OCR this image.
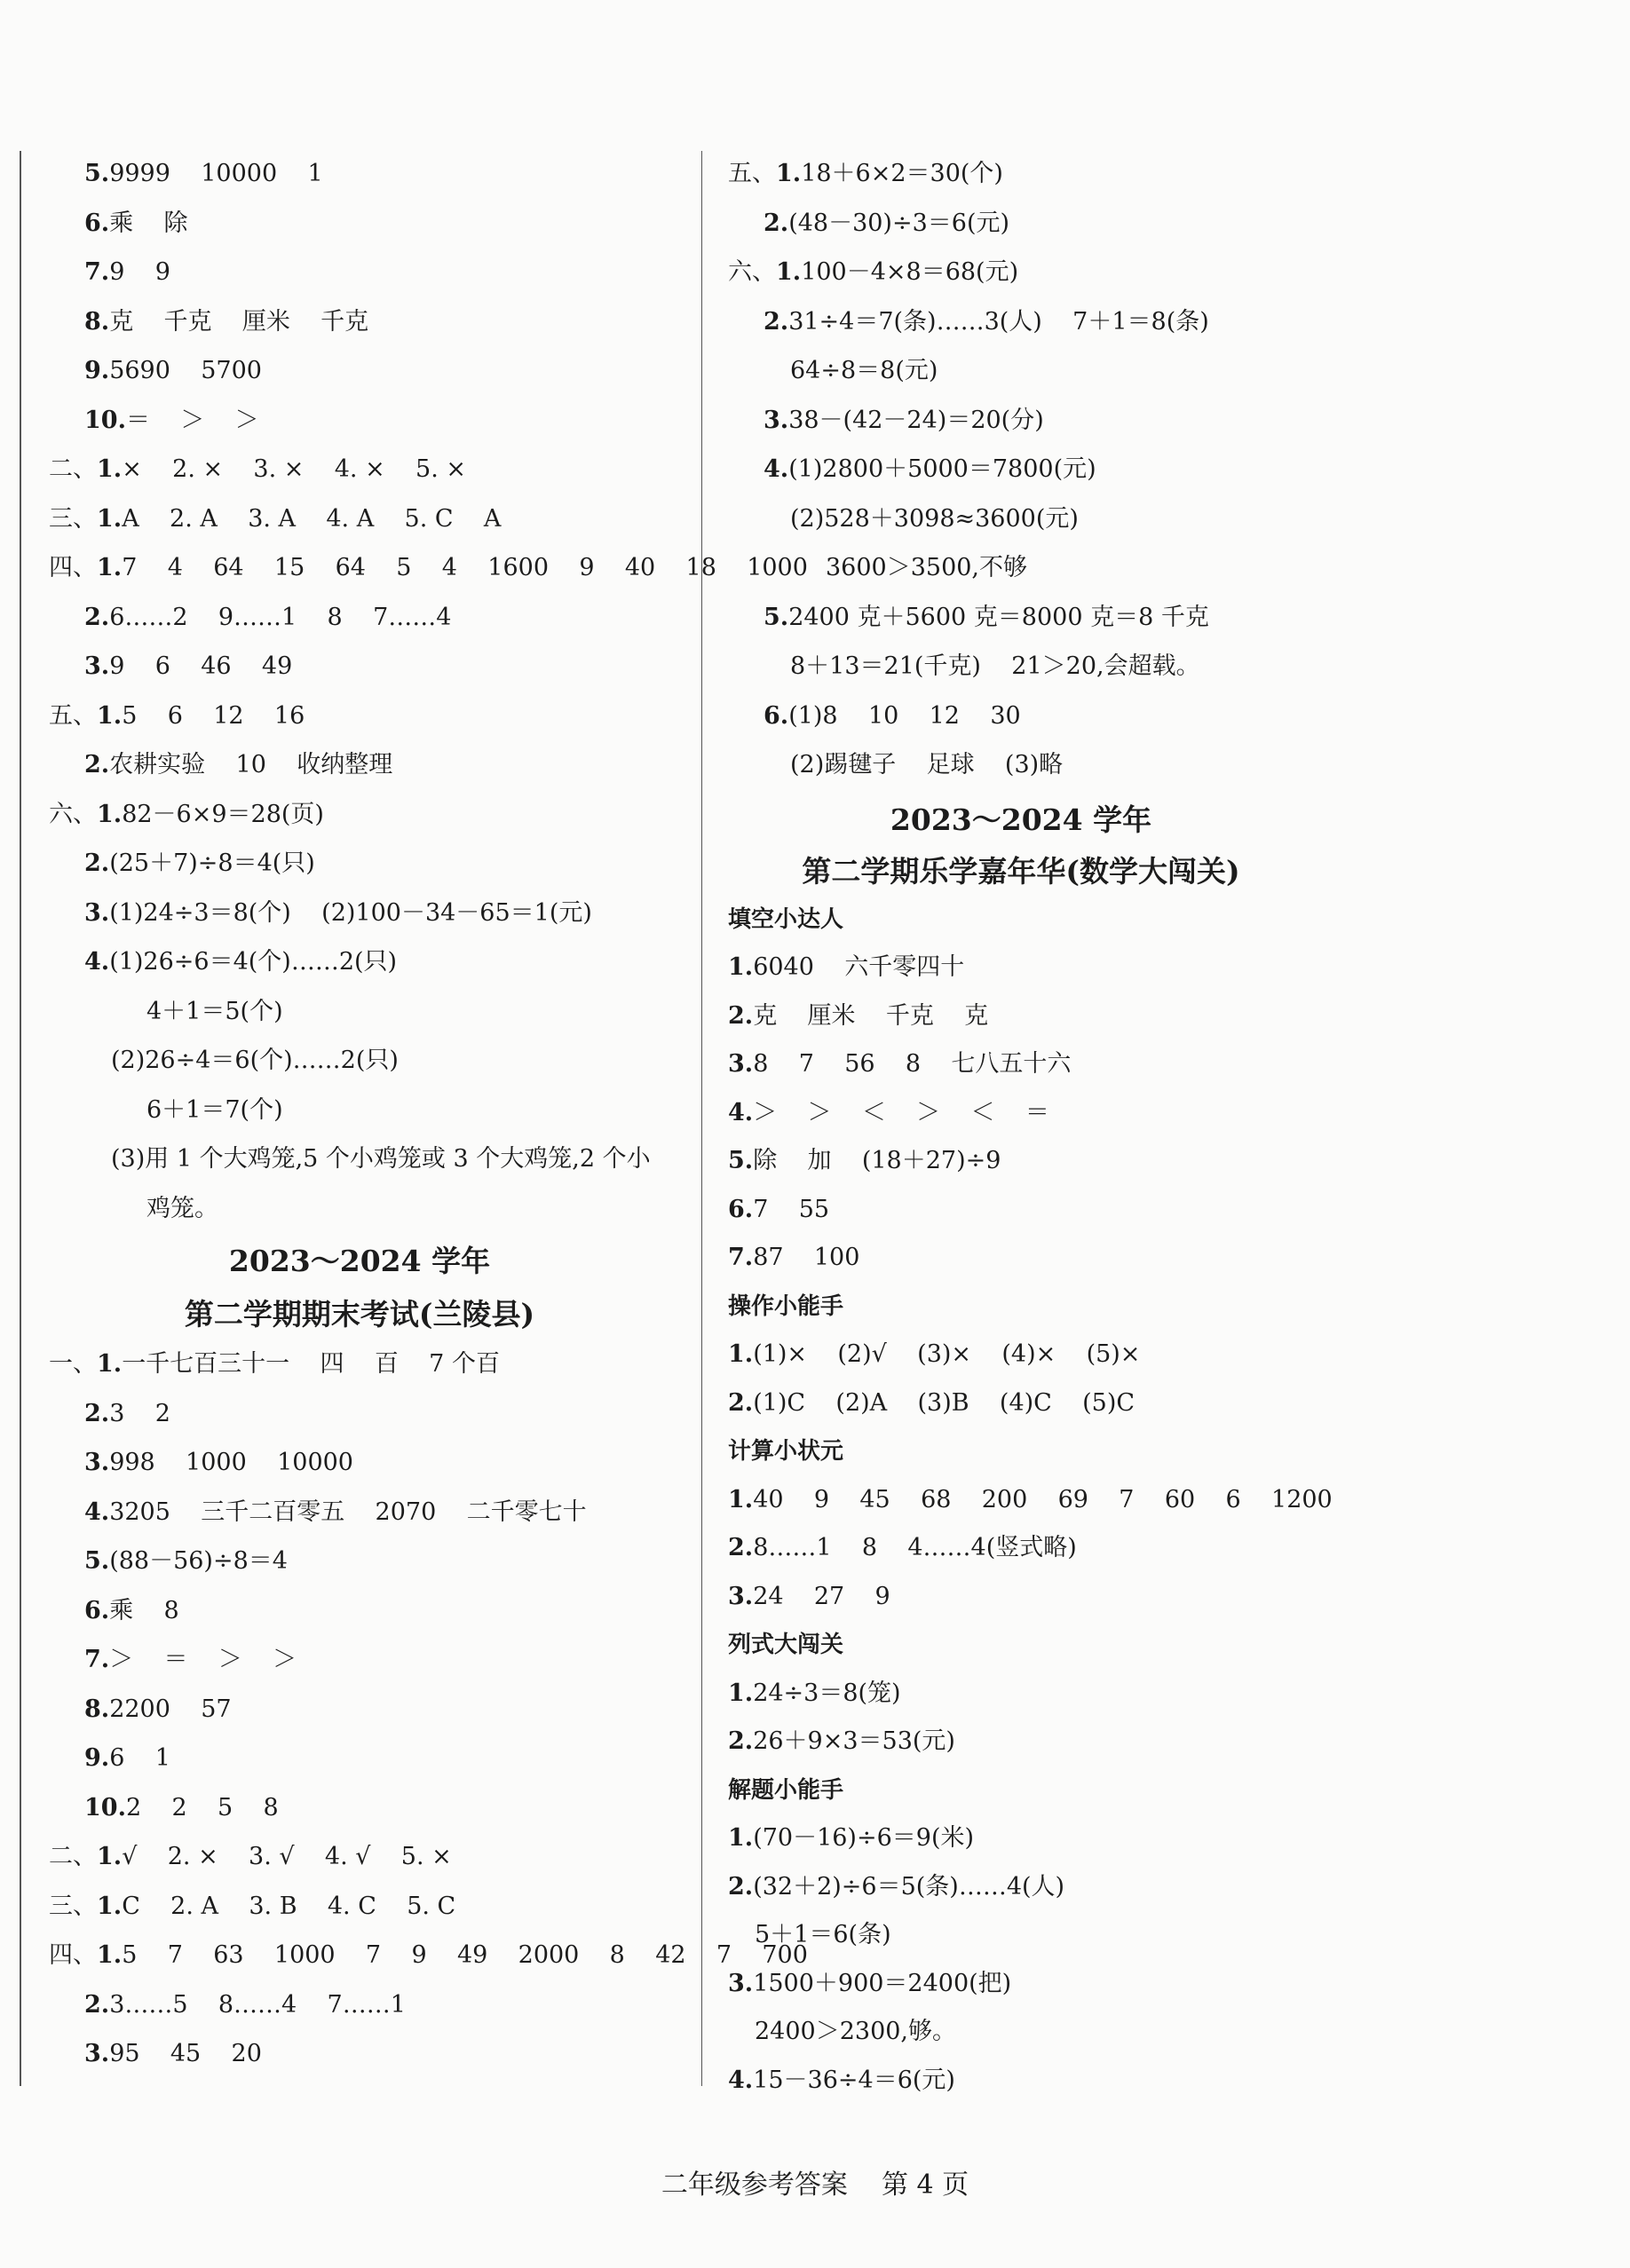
5.9999    10000    1
6.乘    除
7.9    9
8.克    千克    厘米    千克
9.5690    5700
10.＝    ＞    ＞
二、1.×    2. ×    3. ×    4. ×    5. ×
三、1.A    2. A    3. A    4. A    5. C    A
四、1.7    4    64    15    64    5    4    1600    9    40    18    1000
2.6……2    9……1    8    7……4
3.9    6    46    49
五、1.5    6    12    16
2.农耕实验    10    收纳整理
六、1.82－6×9＝28(页)
2.(25＋7)÷8＝4(只)
3.(1)24÷3＝8(个)    (2)100－34－65＝1(元)
4.(1)26÷6＝4(个)……2(只)
4＋1＝5(个)
(2)26÷4＝6(个)……2(只)
6＋1＝7(个)
(3)用 1 个大鸡笼,5 个小鸡笼或 3 个大鸡笼,2 个小
鸡笼。
2023～2024 学年
第二学期期末考试(兰陵县)
一、1.一千七百三十一    四    百    7 个百
2.3    2
3.998    1000    10000
4.3205    三千二百零五    2070    二千零七十
5.(88－56)÷8＝4
6.乘    8
7.＞    ＝    ＞    ＞
8.2200    57
9.6    1
10.2    2    5    8
二、1.√    2. ×    3. √    4. √    5. ×
三、1.C    2. A    3. B    4. C    5. C
四、1.5    7    63    1000    7    9    49    2000    8    42    7    700
2.3……5    8……4    7……1
3.95    45    20
五、1.18＋6×2＝30(个)
2.(48－30)÷3＝6(元)
六、1.100－4×8＝68(元)
2.31÷4＝7(条)……3(人)    7＋1＝8(条)
64÷8＝8(元)
3.38－(42－24)＝20(分)
4.(1)2800＋5000＝7800(元)
(2)528＋3098≈3600(元)
3600＞3500,不够
5.2400 克＋5600 克＝8000 克＝8 千克
8＋13＝21(千克)    21＞20,会超载。
6.(1)8    10    12    30
(2)踢毽子    足球    (3)略
2023～2024 学年
第二学期乐学嘉年华(数学大闯关)
填空小达人
1.6040    六千零四十
2.克    厘米    千克    克
3.8    7    56    8    七八五十六
4.＞    ＞    ＜    ＞    ＜    ＝
5.除    加    (18＋27)÷9
6.7    55
7.87    100
操作小能手
1.(1)×    (2)√    (3)×    (4)×    (5)×
2.(1)C    (2)A    (3)B    (4)C    (5)C
计算小状元
1.40    9    45    68    200    69    7    60    6    1200
2.8……1    8    4……4(竖式略)
3.24    27    9
列式大闯关
1.24÷3＝8(笼)
2.26＋9×3＝53(元)
解题小能手
1.(70－16)÷6＝9(米)
2.(32＋2)÷6＝5(条)……4(人)
5＋1＝6(条)
3.1500＋900＝2400(把)
2400＞2300,够。
4.15－36÷4＝6(元)
二年级参考答案    第 4 页
